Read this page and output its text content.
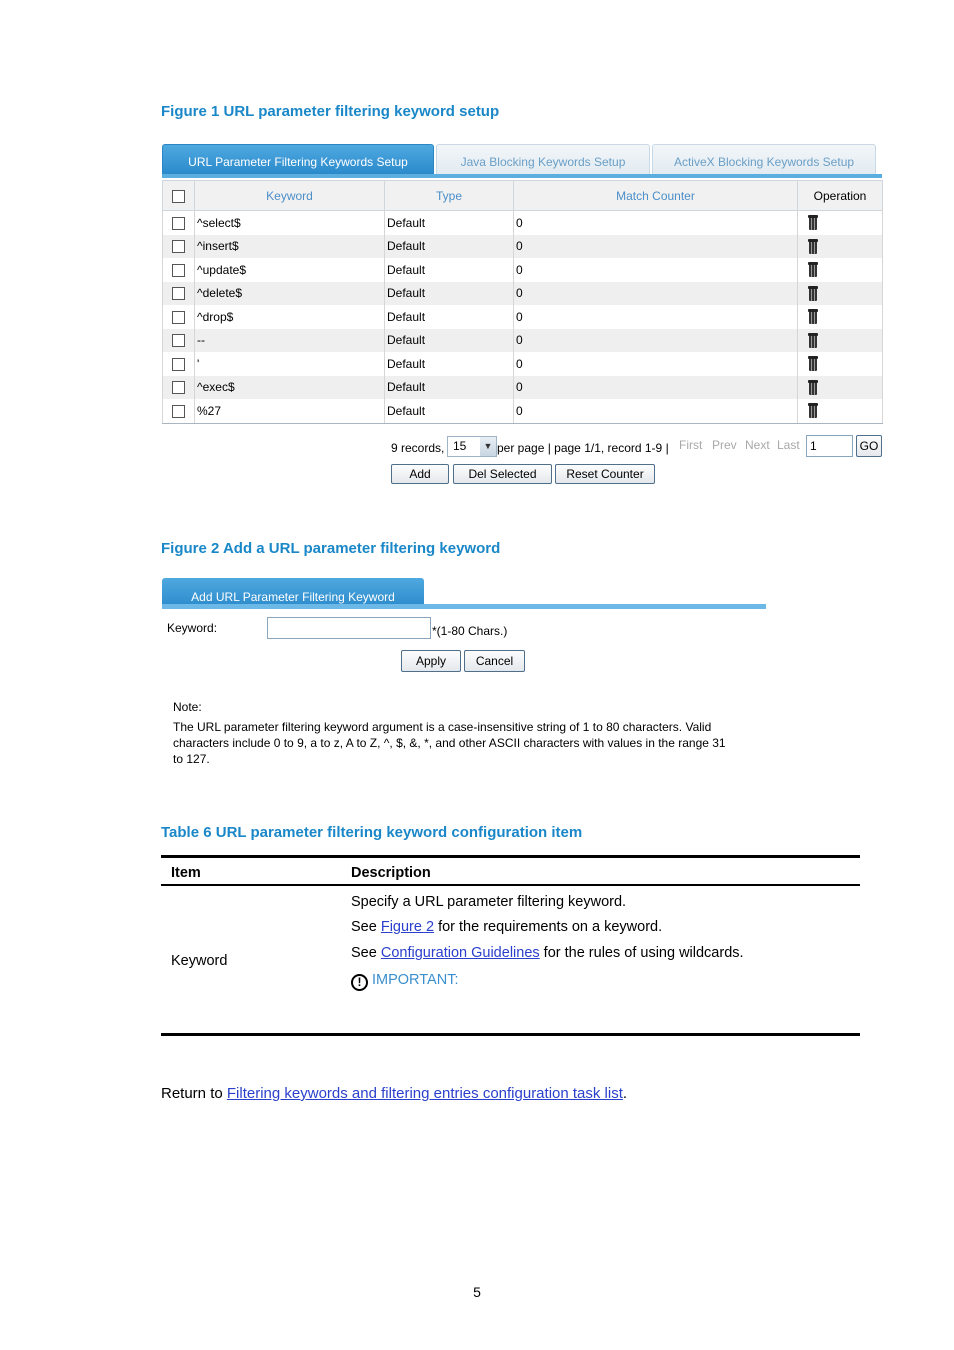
Figure 1 URL parameter filtering keyword setup
URL Parameter Filtering Keywords Setup	Java Blocking Keywords Setup	ActiveX Blocking Keywords Setup
	Keyword	Type	Match Counter	Operation
	^select$	Default	0	

	^insert$	Default	0	

	^update$	Default	0	

	^delete$	Default	0	

	^drop$	Default	0	

	--	Default	0	

	'	Default	0	

	^exec$	Default	0	

	%27	Default	0	
9 records, 15	▼ per page | page 1/1, record 1-9 | First Prev Next Last 1	GO
Add	Del Selected	Reset Counter
Figure 2 Add a URL parameter filtering keyword
Add URL Parameter Filtering Keyword
Keyword:	*(1-80 Chars.)
Apply	Cancel
Note:
The URL parameter filtering keyword argument is a case-insensitive string of 1 to 80 characters. Valid
characters include 0 to 9, a to z, A to Z, ^, $, &, *, and other ASCII characters with values in the range 31
to 127.
Table 6 URL parameter filtering keyword configuration item
Item	Description
Keyword
Specify a URL parameter filtering keyword.
See Figure 2 for the requirements on a keyword.
See Configuration Guidelines for the rules of using wildcards.
! IMPORTANT:
Return to Filtering keywords and filtering entries configuration task list.
5
